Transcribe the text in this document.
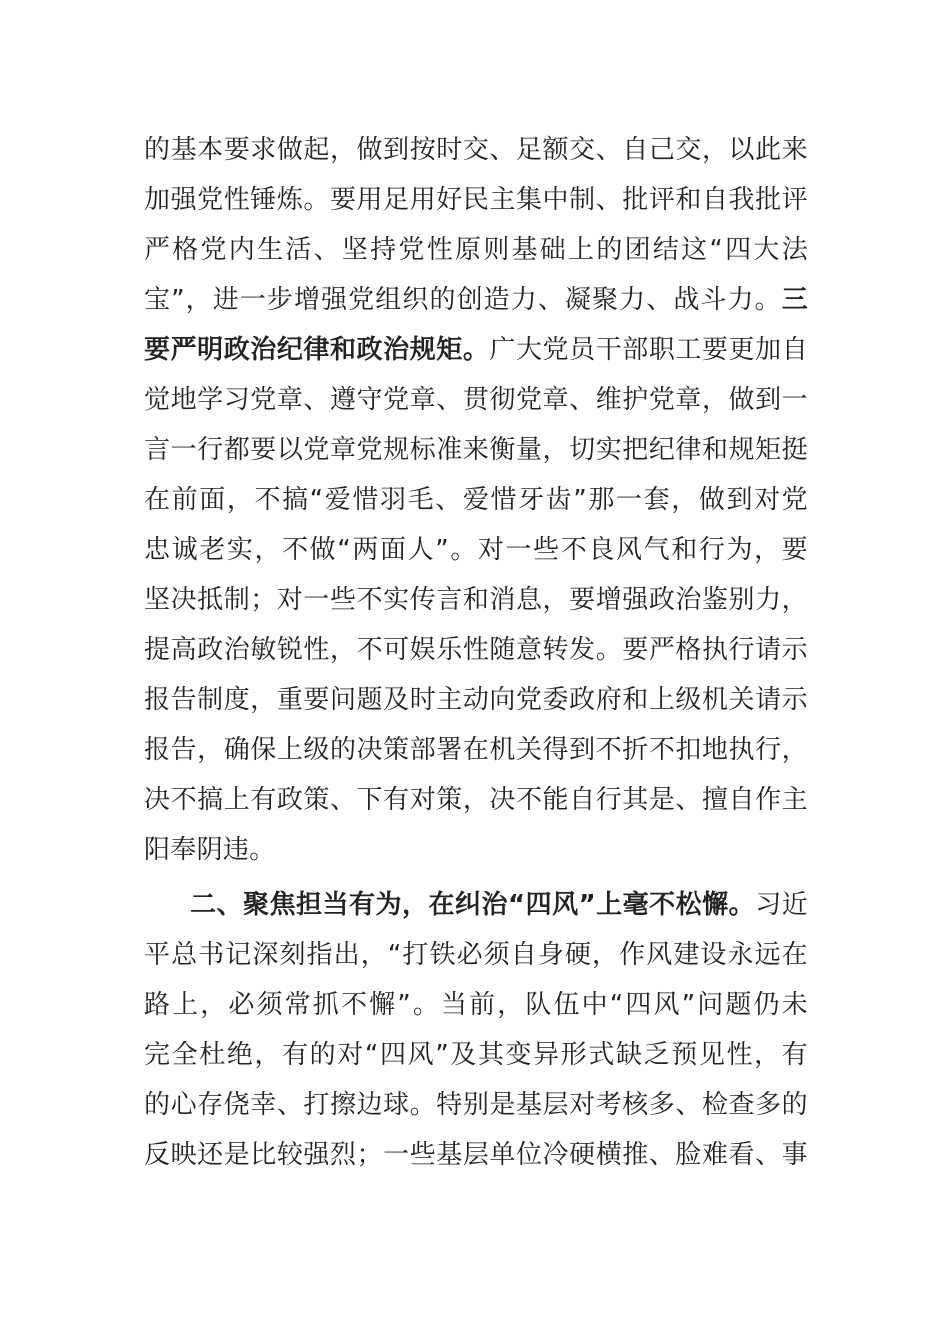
的基本要求做起，做到按时交、足额交、自己交，以此来
加强党性锤炼。要用足用好民主集中制、批评和自我批评
严格党内生活、坚持党性原则基础上的团结这“四大法
宝”，进一步增强党组织的创造力、凝聚力、战斗力。三
要严明政治纪律和政治规矩。广大党员干部职工要更加自
觉地学习党章、遵守党章、贯彻党章、维护党章，做到一
言一行都要以党章党规标准来衡量，切实把纪律和规矩挺
在前面，不搞“爱惜羽毛、爱惜牙齿”那一套，做到对党
忠诚老实，不做“两面人”。对一些不良风气和行为，要
坚决抵制；对一些不实传言和消息，要增强政治鉴别力，
提高政治敏锐性，不可娱乐性随意转发。要严格执行请示
报告制度，重要问题及时主动向党委政府和上级机关请示
报告，确保上级的决策部署在机关得到不折不扣地执行，
决不搞上有政策、下有对策，决不能自行其是、擅自作主
阳奉阴违。
二、聚焦担当有为，在纠治“四风”上毫不松懈。习近
平总书记深刻指出，“打铁必须自身硬，作风建设永远在
路上，必须常抓不懈”。当前，队伍中“四风”问题仍未
完全杜绝，有的对“四风”及其变异形式缺乏预见性，有
的心存侥幸、打擦边球。特别是基层对考核多、检查多的
反映还是比较强烈；一些基层单位冷硬横推、脸难看、事
